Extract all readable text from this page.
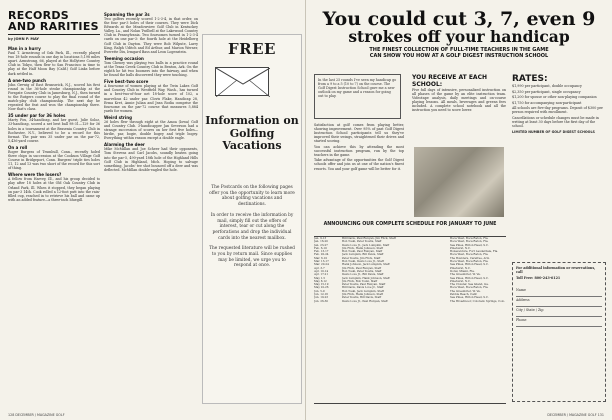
RECORDS AND RARITIES
by JOHN P. MAY
Man in a hurry

Paul T. Armstrong of Oak Park, Ill., recently played two 18-hole rounds in one day in locations 5,198 miles apart. Armstrong, 66, played at the Hollytree Country Club in Tokyo, then flew to San Francisco in time to play at the Half Moon Bay (Calif.) Golf Links before dark settled in.

A one-two punch

John Grewig of East Brunswick, N.J., scored his first round in the 36-hole stroke championship at the Forsgate Country Club in Jamesburg, N.J., then turned to the Rutgers course to play the final round of the match-play club championship. The next day he repeated the feat and won the championship there. Now that's class.

35 under par for 36 holes

Marty Fox, 34-handicap, and her guest, Julie Soloz, 33-handicap, scored a net best ball 98-31—129 for 36 holes in a tournament at the Brasenia Country Club in Rochester, N.Y., believed to be a record for this format. The pair was 35 under par on the par-72, 5,436-yard course.

On a roll

Roger Burgess of Trumbull, Conn., recently holed three chips in succession at the Cookson Village Golf Course in Bridgeport, Conn. Burgess' triple ties holes 11, 12 and 13 was two short of the record for this sort of thing.

Where were the losers?

A fellow from Harvey, Ill., and his group decided to play after 18 holes at the Old Oak Country Club in Orland Park, Ill. When it stopped, they began playing on par-3 14th. Cook rolled a 12-foot putt into the rain-filled cup, reached in to retrieve his ball and came up with an added feature—a three-inch bluegill.

Spanning the par 3s

Two golfers recently scored 1-2-3-4, in that order, on the four par-3 holes of their courses. They were Dick Edwards at the Meadowview Golf Club in Kentuckey Valley, La., and Nolan Twilbell at the Lakewood Country Club in Pennsylvania. Two foursomes turned in 1-2-3-4 cards on one par-3: the fourth hole at the Heidelberg Golf Club in Dayton. They were Bob Wilpute, Larry King, Ralph Uditch and Ed Arthur, and Marion Werner, Everette Dix, Irmgard Bass and Leon Logenstein.

Teeming occasion

Tom Cheney was playing two balls in a practice round at the Texas Creek Country Club in Benton, Ark. On the eighth he hit two boomers into the fairway, and when he found the balls discovered they were touching.

Five best-two score

A foursome of women playing at the Twin Lakes Golf and Country Club in Westfield Way, Wash., has turned in a best-two-of-four net 18-hole score of 102, a marvelous 42 under par. Clovis Flake, Handicap 28, Erma Kret, Annie Julian and Jean Rodia comprise the foursome on the par-72 course that measures 5,884 yards for women.

Weird string

26 holes flew through eight at the Amoa (Iowa) Golf and Country Club. 3-handicapper Jan Severson had a strange succession of scores on her first five holes—birdie, par, bogie, double bogey and triple bogey. Everything within reason except a double eagle.

Alarming the deer

Mike McMillan and Joe Scheer had their opponents, Tom Stevens and Carl Jacobs, soundly beaten going into the par-5, 490-yard 18th hole of the Highland Hills Golf Club in Highland, Mich. Hoping to salvage something, Jacobs' tee shot bounced off a deer and was deflected. McMillan double-eagled the hole.

FREE
Information on Golfing Vacations

The Postcards on the following pages offer you the opportunity to learn more about golfing vacations and destinations.

In order to receive the information by mail, simply fill out the offers of interest, tear or cut along the perforations and drop the individual cards into the nearest mailbox.

The requested literature will be rushed to you by return mail. Since supplies may be limited, we urge you to respond at once.

128 DECEMBER / MAGAZINE GOLF
You could cut 3, 7, even 9
strokes off your handicap
THE FINEST COLLECTION OF FULL-TIME TEACHERS IN THE GAME
CAN SHOW YOU HOW AT A GOLF DIGEST INSTRUCTION SCHOOL
In the last 25 rounds I've seen my handicap go from a 9 to a 5 (10 to 7) on the course. The Golf Digest Instruction School gave me a new outlook on my game and a reason for going out to play.

Satisfaction at golf comes from playing better, showing improvement. Over 95% of past Golf Digest Instruction School participants tell us they've improved their swings, straightened their drives and started scoring.

You can achieve this by attending the most successful instruction program, run by the top teachers in the game.

Take advantage of the opportunities the Golf Digest schools offer and join us at one of the nation's finest resorts. You and your golf game will be better for it.

YOU RECEIVE AT EACH SCHOOL:

Five full days of intensive, personalized instruction on all phases of the game by an elite instruction team. Videotape analysis, daily meetings and on-course playing lessons. All meals, beverages and greens fees included. A complete school notebook and all the instruction you need to score lower.

RATES:
$1,990 per participant, double occupancy
$2,350 per participant, single occupancy
$1,200 for spouse or other non-playing companion
$1,750 for accompanying non-participant
All schools are five-day programs. Deposit of $300 per person required with enrollment.
Cancellations or schedule changes must be made in writing at least 30 days before the first day of the school.
LIMITED NUMBER OF GOLF DIGEST SCHOOLS
ANNOUNCING OUR COMPLETE SCHEDULE FOR JANUARY TO JUNE
Jan. 9-13	Bill Davis, Paul Runyan, Jim Flick, Staff	Boca West, Boca Raton, Fla.
Jan. 16-20	Bob Toski, Peter Kostis, Staff	Boca West, Boca Raton, Fla.
Jan. 23-27	Davis Love Jr., Jack Lumpkin, Staff	Sea Pines, Hilton Head, S.C.
Feb. 6-10	Jim Flick, Hank Johnson, Staff	Pinehurst, N.C.
Feb. 13-17	Bob Toski, Paul Runyan, Staff	Bonaventure, Fort Lauderdale, Fla.
Feb. 20-24	Jack Lumpkin, Bill Davis, Staff	Boca West, Boca Raton, Fla.
Mar. 6-10	Peter Kostis, Jim Flick, Staff	The Boulders, Carefree, Ariz.
Mar. 13-17	Bob Toski, Davis Love Jr., Staff	Boca West, Boca Raton, Fla.
Mar. 20-24	Hank Johnson, Jack Lumpkin, Staff	Sea Pines, Hilton Head, S.C.
Apr. 3-7	Jim Flick, Paul Runyan, Staff	Pinehurst, N.C.
Apr. 10-14	Bob Toski, Peter Kostis, Staff	Doral, Miami, Fla.
Apr. 17-21	Davis Love Jr., Bill Davis, Staff	The Greenbrier, W. Va.
May 1-5	Jack Lumpkin, Hank Johnson, Staff	Sea Pines, Hilton Head, S.C.
May 8-12	Jim Flick, Bob Toski, Staff	Pinehurst, N.C.
May 15-19	Peter Kostis, Paul Runyan, Staff	The Cloister, Sea Island, Ga.
May 22-26	Bill Davis, Davis Love Jr., Staff	Boca West, Boca Raton, Fla.
Jun. 5-9	Bob Toski, Jack Lumpkin, Staff	The Greenbrier, W. Va.
Jun. 12-16	Jim Flick, Hank Johnson, Staff	Pebble Beach, Calif.
Jun. 19-23	Peter Kostis, Bill Davis, Staff	Sea Pines, Hilton Head, S.C.
Jun. 26-30	Davis Love Jr., Paul Runyan, Staff	The Broadmoor, Colorado Springs, Colo.
For additional information or reservations, call
Toll Free: 800-243-6121
Name
Address
City / State / Zip
Phone
DECEMBER / MAGAZINE GOLF 131
